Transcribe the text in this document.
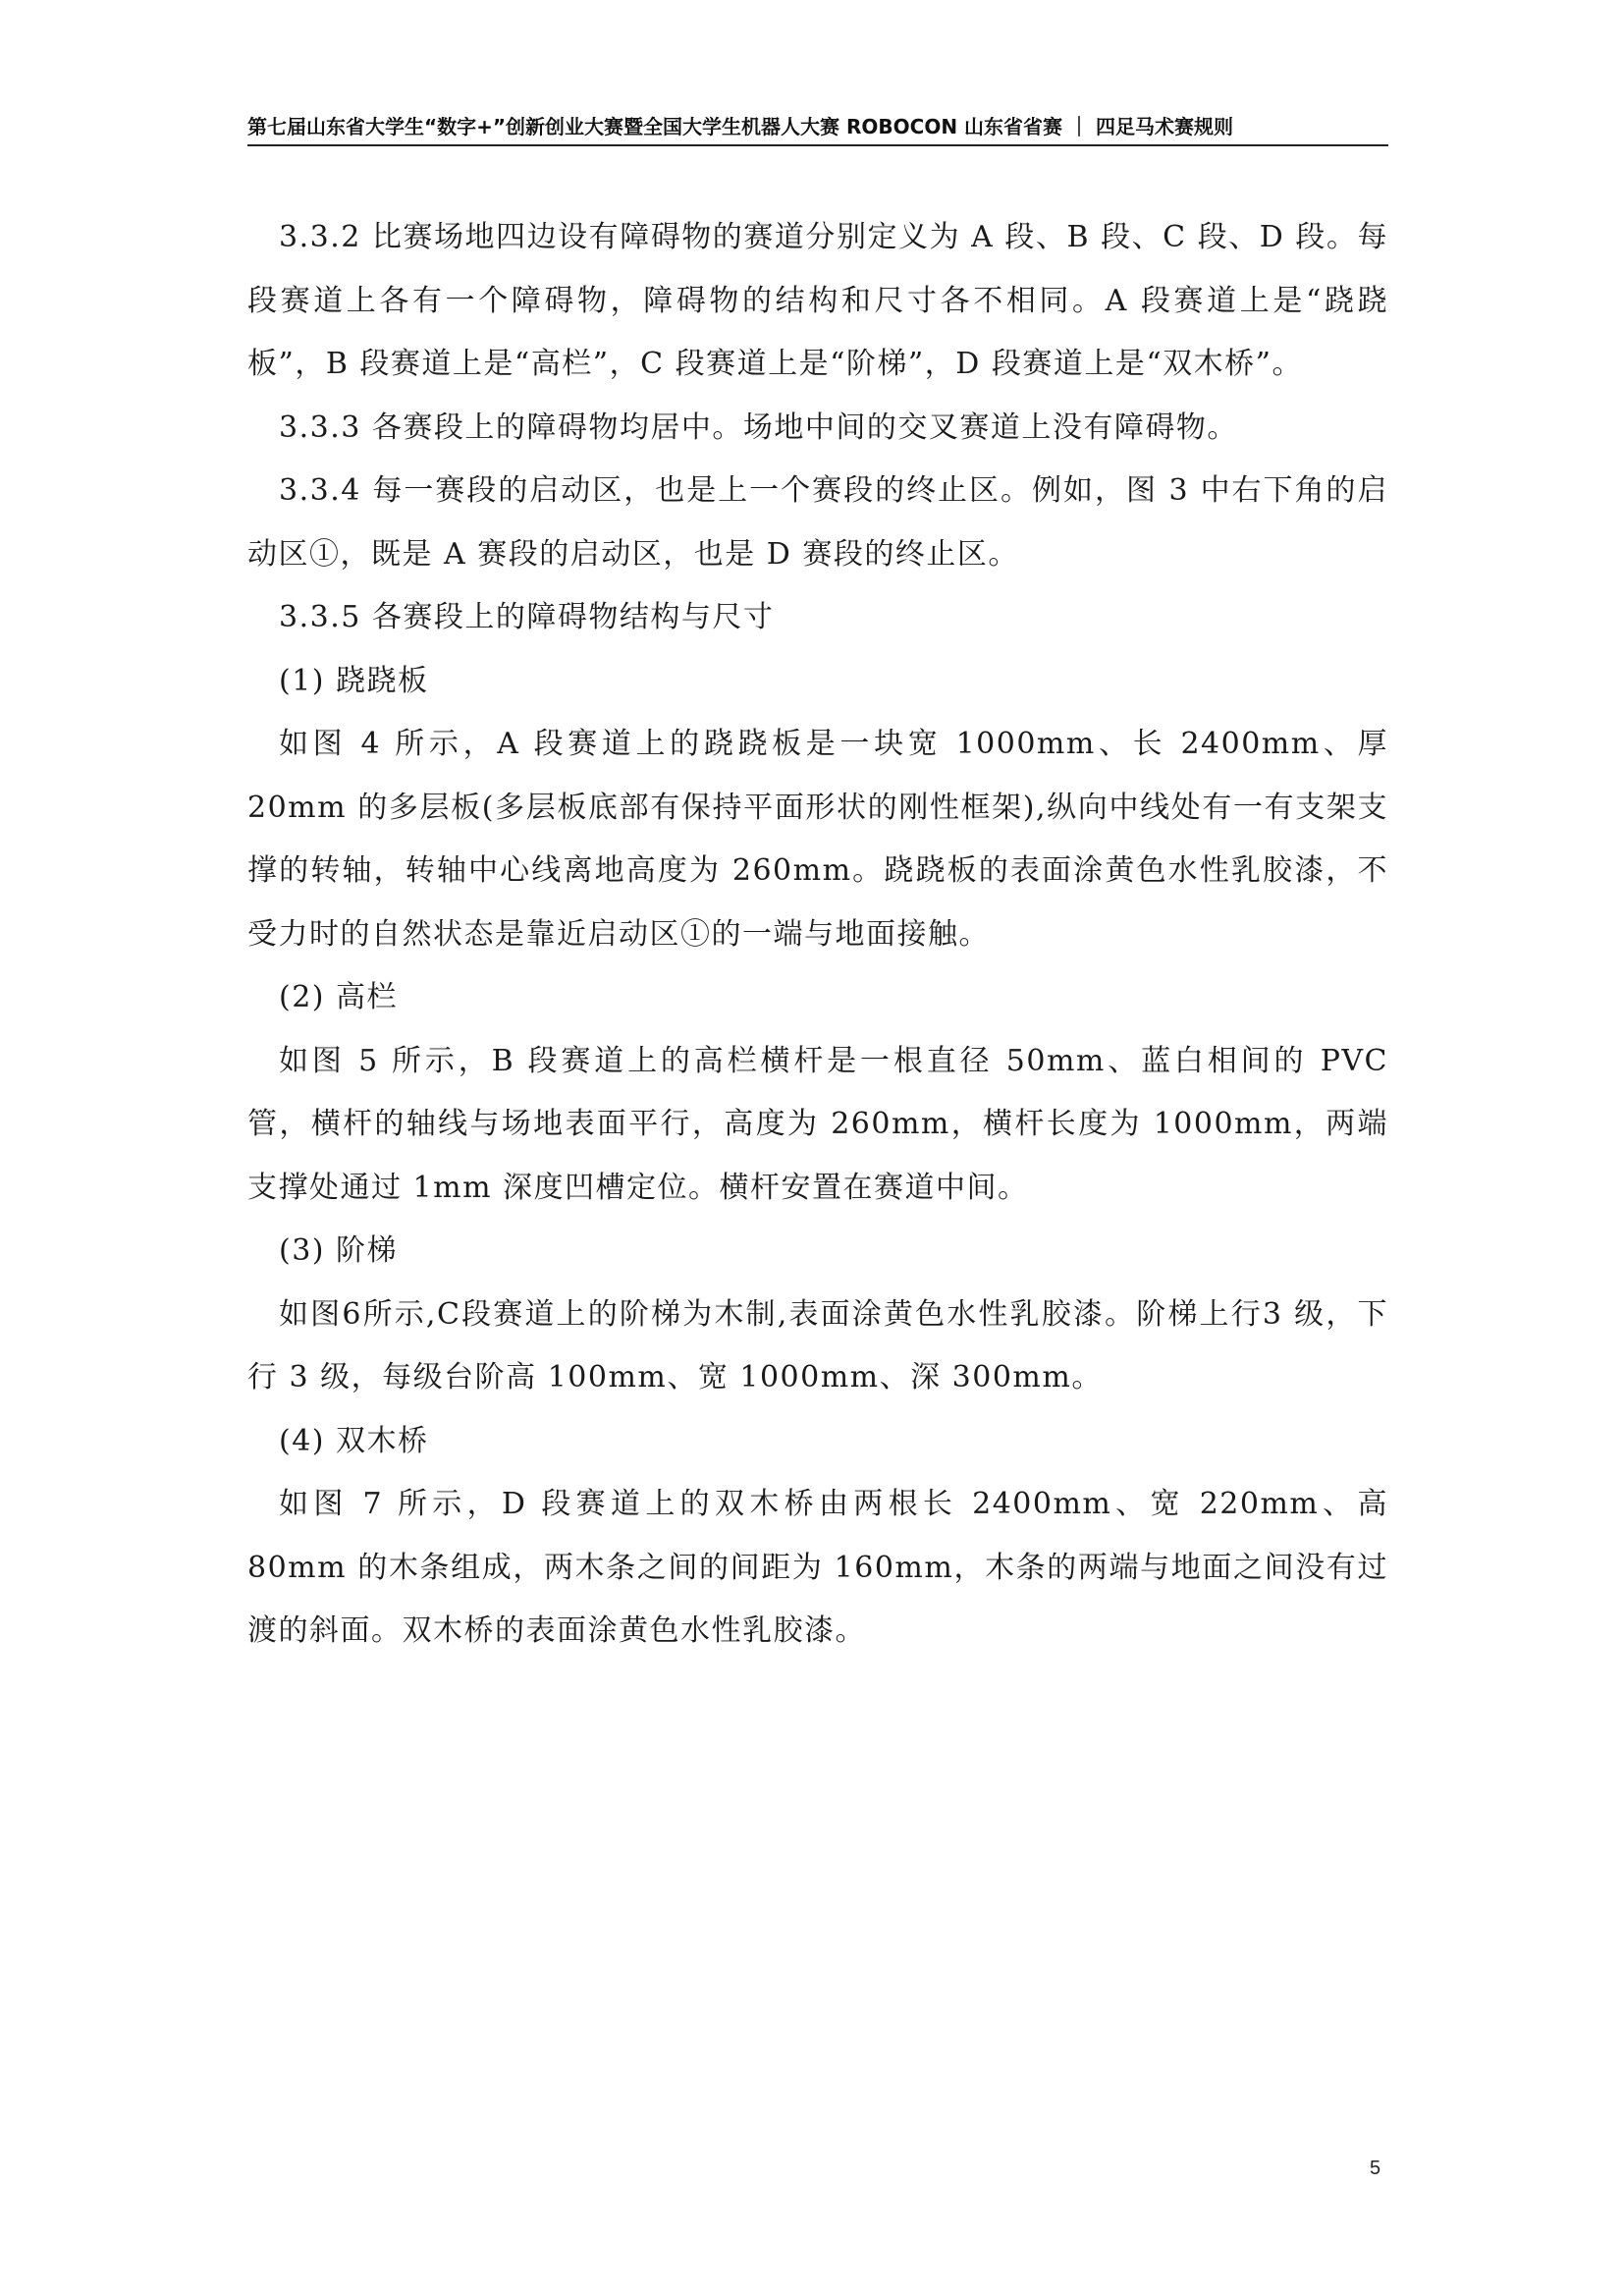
第七届山东省大学生“数字+”创新创业大赛暨全国大学生机器人大赛 ROBOCON 山东省省赛 ｜ 四足马术赛规则

3.3.2 比赛场地四边设有障碍物的赛道分别定义为 A 段、B 段、C 段、D 段。每段赛道上各有一个障碍物，障碍物的结构和尺寸各不相同。A 段赛道上是“跷跷板”，B 段赛道上是“高栏”，C 段赛道上是“阶梯”，D 段赛道上是“双木桥”。

3.3.3 各赛段上的障碍物均居中。场地中间的交叉赛道上没有障碍物。

3.3.4 每一赛段的启动区，也是上一个赛段的终止区。例如，图 3 中右下角的启动区①，既是 A 赛段的启动区，也是 D 赛段的终止区。

3.3.5 各赛段上的障碍物结构与尺寸

(1) 跷跷板

如图 4 所示，A 段赛道上的跷跷板是一块宽 1000mm、长 2400mm、厚 20mm 的多层板(多层板底部有保持平面形状的刚性框架),纵向中线处有一有支架支撑的转轴，转轴中心线离地高度为 260mm。跷跷板的表面涂黄色水性乳胶漆，不受力时的自然状态是靠近启动区①的一端与地面接触。

(2) 高栏

如图 5 所示，B 段赛道上的高栏横杆是一根直径 50mm、蓝白相间的 PVC 管，横杆的轴线与场地表面平行，高度为 260mm，横杆长度为 1000mm，两端支撑处通过 1mm 深度凹槽定位。横杆安置在赛道中间。

(3) 阶梯

如图6所示,C段赛道上的阶梯为木制,表面涂黄色水性乳胶漆。阶梯上行3 级，下行 3 级，每级台阶高 100mm、宽 1000mm、深 300mm。

(4) 双木桥

如图 7 所示，D 段赛道上的双木桥由两根长 2400mm、宽 220mm、高 80mm 的木条组成，两木条之间的间距为 160mm，木条的两端与地面之间没有过渡的斜面。双木桥的表面涂黄色水性乳胶漆。

5
